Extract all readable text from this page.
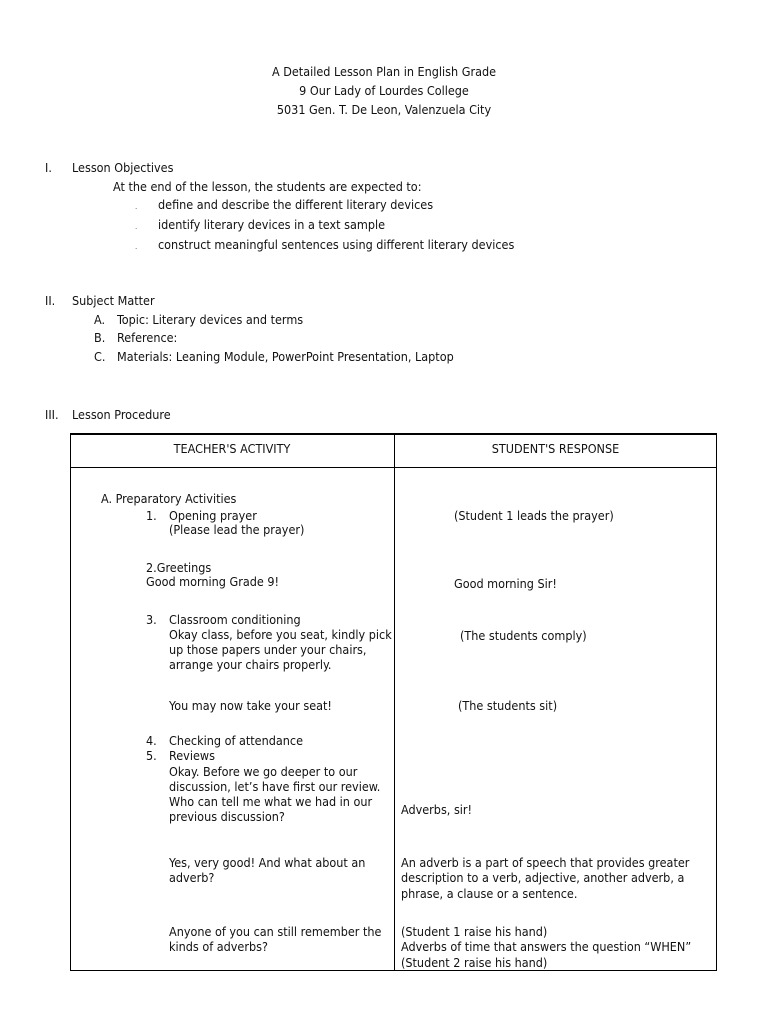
A Detailed Lesson Plan in English Grade
9 Our Lady of Lourdes College
5031 Gen. T. De Leon, Valenzuela City
I. Lesson Objectives
At the end of the lesson, the students are expected to:
. define and describe the different literary devices
. identify literary devices in a text sample
. construct meaningful sentences using different literary devices
II. Subject Matter
A. Topic: Literary devices and terms
B. Reference:
C. Materials: Leaning Module, PowerPoint Presentation, Laptop
III. Lesson Procedure
TEACHER'S ACTIVITY	STUDENT'S RESPONSE
A. Preparatory Activities
1. Opening prayer
(Please lead the prayer)
2.Greetings
Good morning Grade 9!
3. Classroom conditioning
Okay class, before you seat, kindly pick
up those papers under your chairs,
arrange your chairs properly.
You may now take your seat!
4. Checking of attendance
5. Reviews
Okay. Before we go deeper to our
discussion, let’s have first our review.
Who can tell me what we had in our
previous discussion?
Yes, very good! And what about an
adverb?
Anyone of you can still remember the
kinds of adverbs?
(Student 1 leads the prayer)
Good morning Sir!
(The students comply)
(The students sit)
Adverbs, sir!
An adverb is a part of speech that provides greater
description to a verb, adjective, another adverb, a
phrase, a clause or a sentence.
(Student 1 raise his hand)
Adverbs of time that answers the question “WHEN”
(Student 2 raise his hand)
